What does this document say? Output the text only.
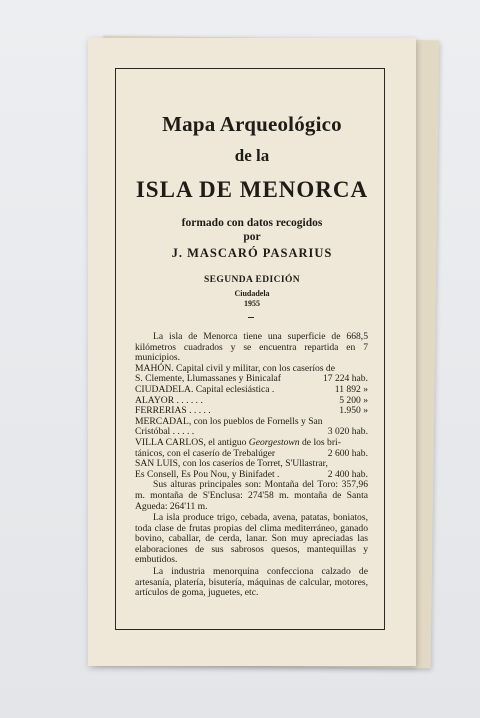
Mapa Arqueológico
de la
ISLA DE MENORCA
formado con datos recogidos
por
J. MASCARÓ PASARIUS
SEGUNDA EDICIÓN
Ciudadela
1955

La isla de Menorca tiene una superficie de 668,5 kilómetros cuadrados y se encuentra repartida en 7 municipios.

MAHÓN. Capital civil y militar, con los caseríos de

S. Clemente, Llumassanes y Binicalaf	17 224 hab.
CIUDADELA. Capital eclesiástica .	11 892 »
ALAYOR . . . . . .	5 200 »
FERRERÍAS . . . . .	1.950 »

MERCADAL, con los pueblos de Fornells y San

Cristóbal . . . . .	3 020 hab.

VILLA CARLOS, el antiguo Georgestown de los bri-

tánicos, con el caserío de Trebalúger	2 600 hab.

SAN LUIS, con los caseríos de Torret, S'Ullastrar,

Es Consell, Es Pou Nou, y Binifadet .	2 400 hab.

Sus alturas principales son: Montaña del Toro: 357,96 m. montaña de S'Enclusa: 274'58 m. montaña de Santa Agueda: 264'11 m.

La isla produce trigo, cebada, avena, patatas, boniatos, toda clase de frutas propias del clima mediterráneo, ganado bovino, caballar, de cerda, lanar. Son muy apreciadas las elaboraciones de sus sabrosos quesos, mantequillas y embutidos.

La industria menorquina confecciona calzado de artesanía, platería, bisutería, máquinas de calcular, motores, artículos de goma, juguetes, etc.
